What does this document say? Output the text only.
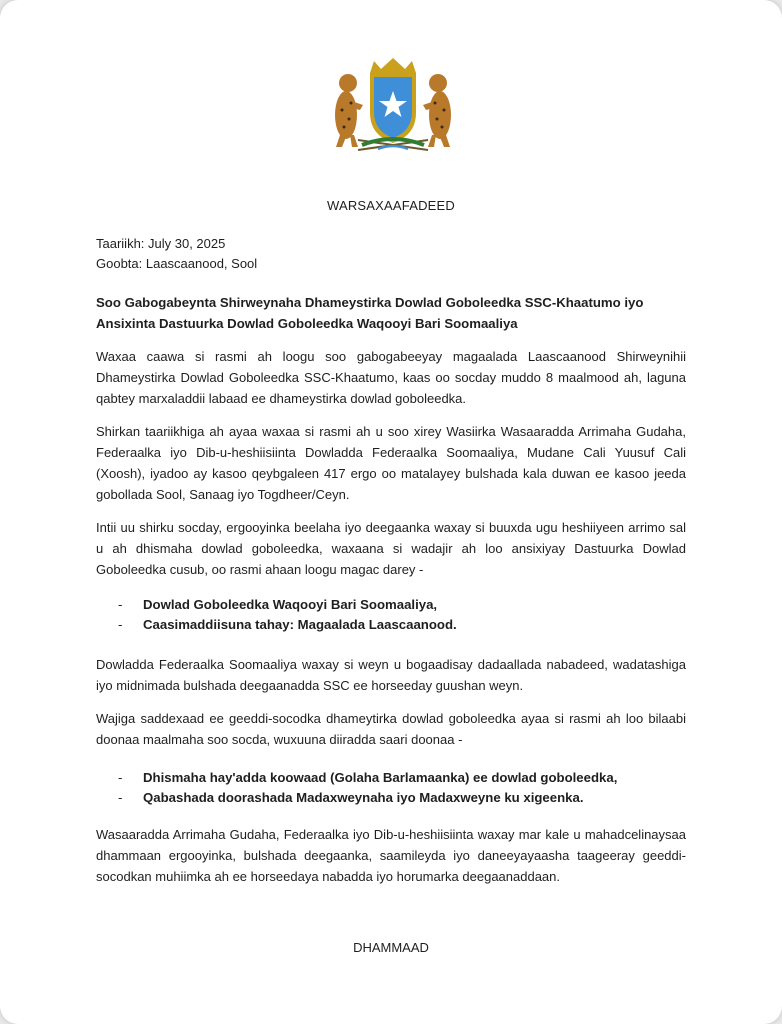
WARSAXAAFADEED
Taariikh: July 30, 2025
Goobta: Laascaanood, Sool
Soo Gabogabeynta Shirweynaha Dhameystirka Dowlad Goboleedka SSC-Khaatumo iyo Ansixinta Dastuurka Dowlad Goboleedka Waqooyi Bari Soomaaliya
Waxaa caawa si rasmi ah loogu soo gabogabeeyay magaalada Laascaanood Shirweynihii Dhameystirka Dowlad Goboleedka SSC-Khaatumo, kaas oo socday muddo 8 maalmood ah, laguna qabtey marxaladdii labaad ee dhameystirka dowlad goboleedka.
Shirkan taariikhiga ah ayaa waxaa si rasmi ah u soo xirey Wasiirka Wasaaradda Arrimaha Gudaha, Federaalka iyo Dib-u-heshiisiinta Dowladda Federaalka Soomaaliya, Mudane Cali Yuusuf Cali (Xoosh), iyadoo ay kasoo qeybgaleen 417 ergo oo matalayey bulshada kala duwan ee kasoo jeeda gobollada Sool, Sanaag iyo Togdheer/Ceyn.
Intii uu shirku socday, ergooyinka beelaha iyo deegaanka waxay si buuxda ugu heshiiyeen arrimo sal u ah dhismaha dowlad goboleedka, waxaana si wadajir ah loo ansixiyay Dastuurka Dowlad Goboleedka cusub, oo rasmi ahaan loogu magac darey -
- Dowlad Goboleedka Waqooyi Bari Soomaaliya,
- Caasimaddiisuna tahay: Magaalada Laascaanood.
Dowladda Federaalka Soomaaliya waxay si weyn u bogaadisay dadaallada nabadeed, wadatashiga iyo midnimada bulshada deegaanadda SSC ee horseeday guushan weyn.
Wajiga saddexaad ee geeddi-socodka dhameytirka dowlad goboleedka ayaa si rasmi ah loo bilaabi doonaa maalmaha soo socda, wuxuuna diiradda saari doonaa -
- Dhismaha hay'adda koowaad (Golaha Barlamaanka) ee dowlad goboleedka,
- Qabashada doorashada Madaxweynaha iyo Madaxweyne ku xigeenka.
Wasaaradda Arrimaha Gudaha, Federaalka iyo Dib-u-heshiisiinta waxay mar kale u mahadcelinaysaa dhammaan ergooyinka, bulshada deegaanka, saamileyda iyo daneeyayaasha taageeray geeddi-socodkan muhiimka ah ee horseedaya nabadda iyo horumarka deegaanaddaan.
DHAMMAAD
